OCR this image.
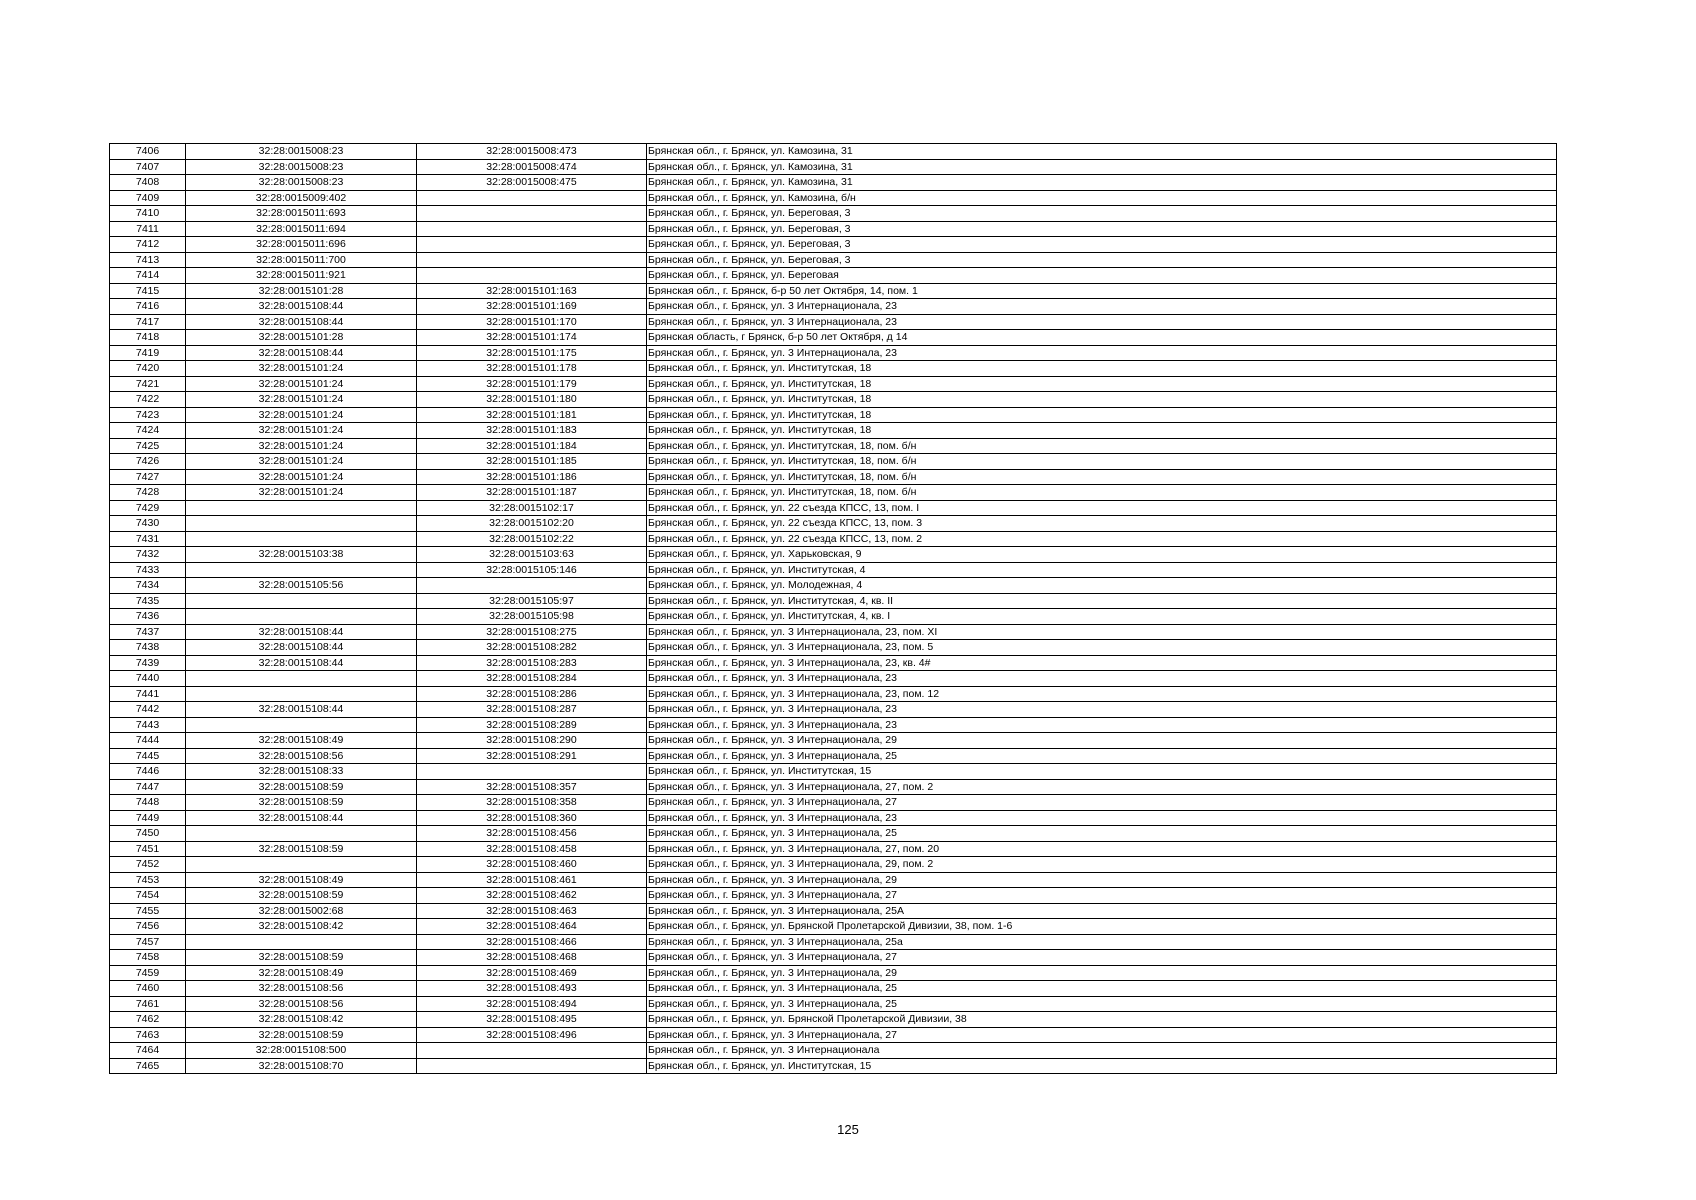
7406	32:28:0015008:23	32:28:0015008:473	Брянская обл., г. Брянск, ул. Камозина, 31
7407	32:28:0015008:23	32:28:0015008:474	Брянская обл., г. Брянск, ул. Камозина, 31
7408	32:28:0015008:23	32:28:0015008:475	Брянская обл., г. Брянск, ул. Камозина, 31
7409	32:28:0015009:402		Брянская обл., г. Брянск, ул. Камозина, б/н
7410	32:28:0015011:693		Брянская обл., г. Брянск, ул. Береговая, 3
7411	32:28:0015011:694		Брянская обл., г. Брянск, ул. Береговая, 3
7412	32:28:0015011:696		Брянская обл., г. Брянск, ул. Береговая, 3
7413	32:28:0015011:700		Брянская обл., г. Брянск, ул. Береговая, 3
7414	32:28:0015011:921		Брянская обл., г. Брянск, ул. Береговая
7415	32:28:0015101:28	32:28:0015101:163	Брянская обл., г. Брянск, б-р 50 лет Октября, 14, пом. 1
7416	32:28:0015108:44	32:28:0015101:169	Брянская обл., г. Брянск, ул. 3 Интернационала, 23
7417	32:28:0015108:44	32:28:0015101:170	Брянская обл., г. Брянск, ул. 3 Интернационала, 23
7418	32:28:0015101:28	32:28:0015101:174	Брянская область, г Брянск, б-р 50 лет Октября, д 14
7419	32:28:0015108:44	32:28:0015101:175	Брянская обл., г. Брянск, ул. 3 Интернационала, 23
7420	32:28:0015101:24	32:28:0015101:178	Брянская обл., г. Брянск, ул. Институтская, 18
7421	32:28:0015101:24	32:28:0015101:179	Брянская обл., г. Брянск, ул. Институтская, 18
7422	32:28:0015101:24	32:28:0015101:180	Брянская обл., г. Брянск, ул. Институтская, 18
7423	32:28:0015101:24	32:28:0015101:181	Брянская обл., г. Брянск, ул. Институтская, 18
7424	32:28:0015101:24	32:28:0015101:183	Брянская обл., г. Брянск, ул. Институтская, 18
7425	32:28:0015101:24	32:28:0015101:184	Брянская обл., г. Брянск, ул. Институтская, 18, пом. б/н
7426	32:28:0015101:24	32:28:0015101:185	Брянская обл., г. Брянск, ул. Институтская, 18, пом. б/н
7427	32:28:0015101:24	32:28:0015101:186	Брянская обл., г. Брянск, ул. Институтская, 18, пом. б/н
7428	32:28:0015101:24	32:28:0015101:187	Брянская обл., г. Брянск, ул. Институтская, 18, пом. б/н
7429		32:28:0015102:17	Брянская обл., г. Брянск, ул. 22 съезда КПСС, 13, пом. I
7430		32:28:0015102:20	Брянская обл., г. Брянск, ул. 22 съезда КПСС, 13, пом. 3
7431		32:28:0015102:22	Брянская обл., г. Брянск, ул. 22 съезда КПСС, 13, пом. 2
7432	32:28:0015103:38	32:28:0015103:63	Брянская обл., г. Брянск, ул. Харьковская, 9
7433		32:28:0015105:146	Брянская обл., г. Брянск, ул. Институтская, 4
7434	32:28:0015105:56		Брянская обл., г. Брянск, ул. Молодежная, 4
7435		32:28:0015105:97	Брянская обл., г. Брянск, ул. Институтская, 4, кв. II
7436		32:28:0015105:98	Брянская обл., г. Брянск, ул. Институтская, 4, кв. I
7437	32:28:0015108:44	32:28:0015108:275	Брянская обл., г. Брянск, ул. 3 Интернационала, 23, пом. XI
7438	32:28:0015108:44	32:28:0015108:282	Брянская обл., г. Брянск, ул. 3 Интернационала, 23, пом. 5
7439	32:28:0015108:44	32:28:0015108:283	Брянская обл., г. Брянск, ул. 3 Интернационала, 23, кв. 4#
7440		32:28:0015108:284	Брянская обл., г. Брянск, ул. 3 Интернационала, 23
7441		32:28:0015108:286	Брянская обл., г. Брянск, ул. 3 Интернационала, 23, пом. 12
7442	32:28:0015108:44	32:28:0015108:287	Брянская обл., г. Брянск, ул. 3 Интернационала, 23
7443		32:28:0015108:289	Брянская обл., г. Брянск, ул. 3 Интернационала, 23
7444	32:28:0015108:49	32:28:0015108:290	Брянская обл., г. Брянск, ул. 3 Интернационала, 29
7445	32:28:0015108:56	32:28:0015108:291	Брянская обл., г. Брянск, ул. 3 Интернационала, 25
7446	32:28:0015108:33		Брянская обл., г. Брянск, ул. Институтская, 15
7447	32:28:0015108:59	32:28:0015108:357	Брянская обл., г. Брянск, ул. 3 Интернационала, 27, пом. 2
7448	32:28:0015108:59	32:28:0015108:358	Брянская обл., г. Брянск, ул. 3 Интернационала, 27
7449	32:28:0015108:44	32:28:0015108:360	Брянская обл., г. Брянск, ул. 3 Интернационала, 23
7450		32:28:0015108:456	Брянская обл., г. Брянск, ул. 3 Интернационала, 25
7451	32:28:0015108:59	32:28:0015108:458	Брянская обл., г. Брянск, ул. 3 Интернационала, 27, пом. 20
7452		32:28:0015108:460	Брянская обл., г. Брянск, ул. 3 Интернационала, 29, пом. 2
7453	32:28:0015108:49	32:28:0015108:461	Брянская обл., г. Брянск, ул. 3 Интернационала, 29
7454	32:28:0015108:59	32:28:0015108:462	Брянская обл., г. Брянск, ул. 3 Интернационала, 27
7455	32:28:0015002:68	32:28:0015108:463	Брянская обл., г. Брянск, ул. 3 Интернационала, 25А
7456	32:28:0015108:42	32:28:0015108:464	Брянская обл., г. Брянск, ул. Брянской Пролетарской Дивизии, 38, пом. 1-6
7457		32:28:0015108:466	Брянская обл., г. Брянск, ул. 3 Интернационала, 25а
7458	32:28:0015108:59	32:28:0015108:468	Брянская обл., г. Брянск, ул. 3 Интернационала, 27
7459	32:28:0015108:49	32:28:0015108:469	Брянская обл., г. Брянск, ул. 3 Интернационала, 29
7460	32:28:0015108:56	32:28:0015108:493	Брянская обл., г. Брянск, ул. 3 Интернационала, 25
7461	32:28:0015108:56	32:28:0015108:494	Брянская обл., г. Брянск, ул. 3 Интернационала, 25
7462	32:28:0015108:42	32:28:0015108:495	Брянская обл., г. Брянск, ул. Брянской Пролетарской Дивизии, 38
7463	32:28:0015108:59	32:28:0015108:496	Брянская обл., г. Брянск, ул. 3 Интернационала, 27
7464	32:28:0015108:500		Брянская обл., г. Брянск, ул. 3 Интернационала
7465	32:28:0015108:70		Брянская обл., г. Брянск, ул. Институтская, 15
125
